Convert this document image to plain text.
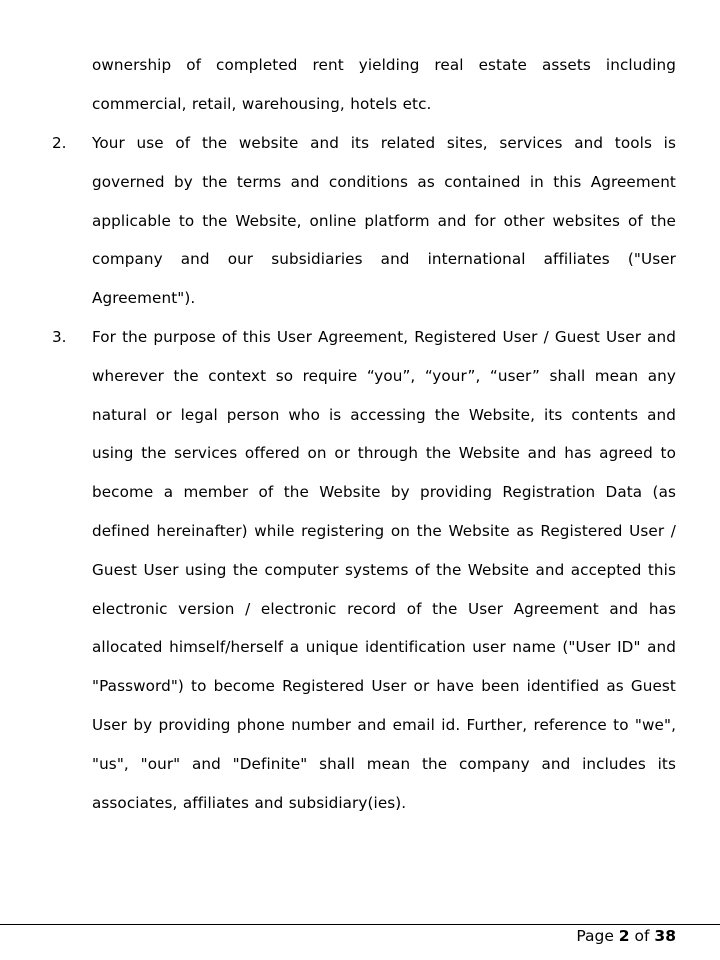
ownership of completed rent yielding real estate assets including commercial, retail, warehousing, hotels etc.

2.	Your use of the website and its related sites, services and tools is governed by the terms and conditions as contained in this Agreement applicable to the Website, online platform and for other websites of the company and our subsidiaries and international affiliates ("User Agreement").

3.	For the purpose of this User Agreement, Registered User / Guest User and wherever the context so require “you”, “your”, “user” shall mean any natural or legal person who is accessing the Website, its contents and using the services offered on or through the Website and has agreed to become a member of the Website by providing Registration Data (as defined hereinafter) while registering on the Website as Registered User / Guest User using the computer systems of the Website and accepted this electronic version / electronic record of the User Agreement and has allocated himself/herself a unique identification user name ("User ID" and "Password") to become Registered User or have been identified as Guest User by providing phone number and email id. Further, reference to "we", "us", "our" and "Definite" shall mean the company and includes its associates, affiliates and subsidiary(ies).

Page 2 of 38
